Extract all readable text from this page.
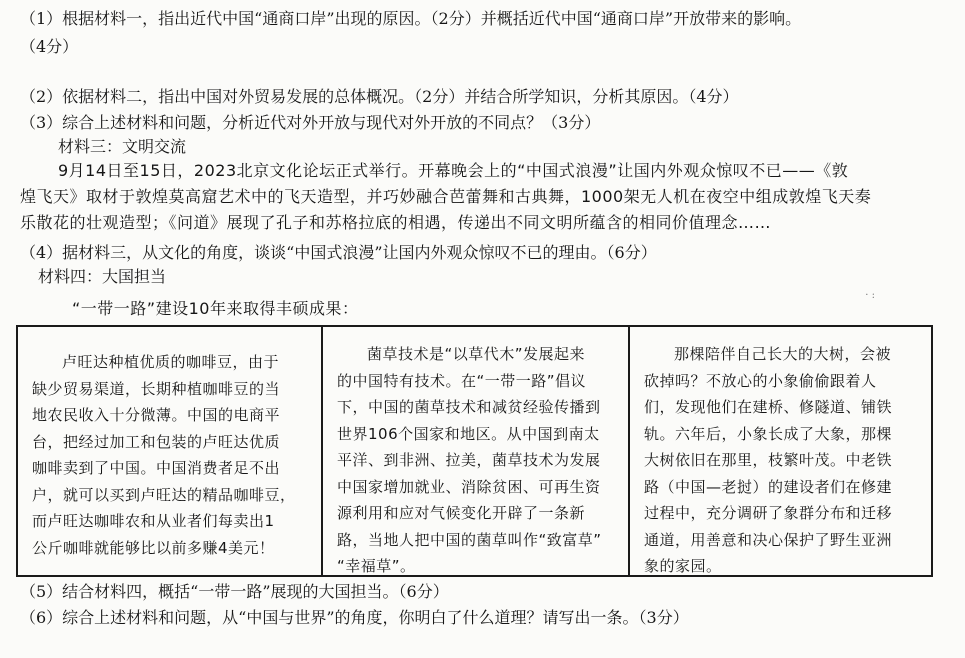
（1）根据材料一，指出近代中国“通商口岸”出现的原因。（2分）并概括近代中国“通商口岸”开放带来的影响。
（4分）
（2）依据材料二，指出中国对外贸易发展的总体概况。（2分）并结合所学知识，分析其原因。（4分）
（3）综合上述材料和问题，分析近代对外开放与现代对外开放的不同点？（3分）
材料三：文明交流
9月14日至15日，2023北京文化论坛正式举行。开幕晚会上的“中国式浪漫”让国内外观众惊叹不已——《敦
煌飞天》取材于敦煌莫高窟艺术中的飞天造型，并巧妙融合芭蕾舞和古典舞，1000架无人机在夜空中组成敦煌飞天奏
乐散花的壮观造型；《问道》展现了孔子和苏格拉底的相遇，传递出不同文明所蕴含的相同价值理念……
（4）据材料三，从文化的角度，谈谈“中国式浪漫”让国内外观众惊叹不已的理由。（6分）
材料四：大国担当
“一带一路”建设10年来取得丰硕成果：
· :
卢旺达种植优质的咖啡豆，由于
缺少贸易渠道，长期种植咖啡豆的当
地农民收入十分微薄。中国的电商平
台，把经过加工和包装的卢旺达优质
咖啡卖到了中国。中国消费者足不出
户，就可以买到卢旺达的精品咖啡豆，
而卢旺达咖啡农和从业者们每卖出1
公斤咖啡就能够比以前多赚4美元！
菌草技术是“以草代木”发展起来
的中国特有技术。在“一带一路”倡议
下，中国的菌草技术和减贫经验传播到
世界106个国家和地区。从中国到南太
平洋、到非洲、拉美，菌草技术为发展
中国家增加就业、消除贫困、可再生资
源利用和应对气候变化开辟了一条新
路，当地人把中国的菌草叫作“致富草”
“幸福草”。
那棵陪伴自己长大的大树，会被
砍掉吗？不放心的小象偷偷跟着人
们，发现他们在建桥、修隧道、铺铁
轨。六年后，小象长成了大象，那棵
大树依旧在那里，枝繁叶茂。中老铁
路（中国—老挝）的建设者们在修建
过程中，充分调研了象群分布和迁移
通道，用善意和决心保护了野生亚洲
象的家园。
（5）结合材料四，概括“一带一路”展现的大国担当。（6分）
（6）综合上述材料和问题，从“中国与世界”的角度，你明白了什么道理？请写出一条。（3分）
